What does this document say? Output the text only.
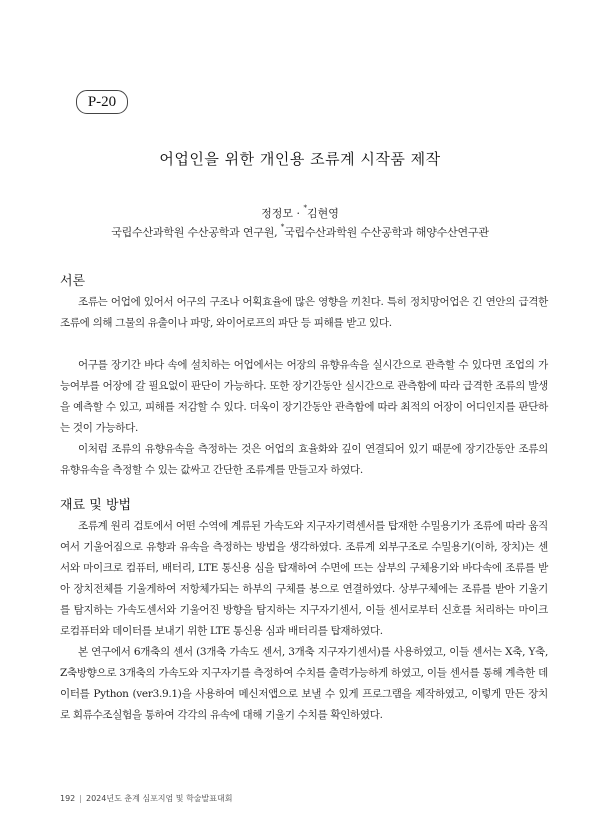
P-20
어업인을 위한 개인용 조류계 시작품 제작
정정모 · *김현영
국립수산과학원 수산공학과 연구원, *국립수산과학원 수산공학과 해양수산연구관
서론

조류는 어업에 있어서 어구의 구조나 어획효율에 많은 영향을 끼친다. 특히 정치망어업은 긴 연안의 급격한 조류에 의해 그물의 유출이나 파망, 와이어로프의 파단 등 피해를 받고 있다.

어구를 장기간 바다 속에 설치하는 어업에서는 어장의 유향유속을 실시간으로 관측할 수 있다면 조업의 가능여부를 어장에 갈 필요없이 판단이 가능하다. 또한 장기간동안 실시간으로 관측함에 따라 급격한 조류의 발생을 예측할 수 있고, 피해를 저감할 수 있다. 더욱이 장기간동안 관측함에 따라 최적의 어장이 어디인지를 판단하는 것이 가능하다.

이처럼 조류의 유향유속을 측정하는 것은 어업의 효율화와 깊이 연결되어 있기 때문에 장기간동안 조류의 유향유속을 측정할 수 있는 값싸고 간단한 조류계를 만들고자 하였다.

재료 및 방법

조류계 원리 검토에서 어떤 수역에 계류된 가속도와 지구자기력센서를 탑재한 수밀용기가 조류에 따라 움직여서 기울어짐으로 유향과 유속을 측정하는 방법을 생각하였다. 조류계 외부구조로 수밀용기(이하, 장치)는 센서와 마이크로 컴퓨터, 배터리, LTE 통신용 심을 탑재하여 수면에 뜨는 삼부의 구체용기와 바다속에 조류를 받아 장치전체를 기울게하여 저항체가되는 하부의 구체를 봉으로 연결하였다. 상부구체에는 조류를 받아 기울기를 탐지하는 가속도센서와 기울어진 방향을 탐지하는 지구자기센서, 이들 센서로부터 신호를 처리하는 마이크로컴퓨터와 데이터를 보내기 위한 LTE 통신용 심과 배터리를 탑재하였다.

본 연구에서 6개축의 센서 (3개축 가속도 센서, 3개축 지구자기센서)를 사용하였고, 이들 센서는 X축, Y축, Z축방향으로 3개축의 가속도와 지구자기를 측정하여 수치를 출력가능하게 하였고, 이들 센서를 통해 계측한 데이터를 Python (ver3.9.1)을 사용하여 메신저앱으로 보낼 수 있게 프로그램을 제작하였고, 이렇게 만든 장치로 회류수조실험을 통하여 각각의 유속에 대해 기울기 수치를 확인하였다.

192 | 2024년도 춘계 심포지엄 및 학술발표대회
